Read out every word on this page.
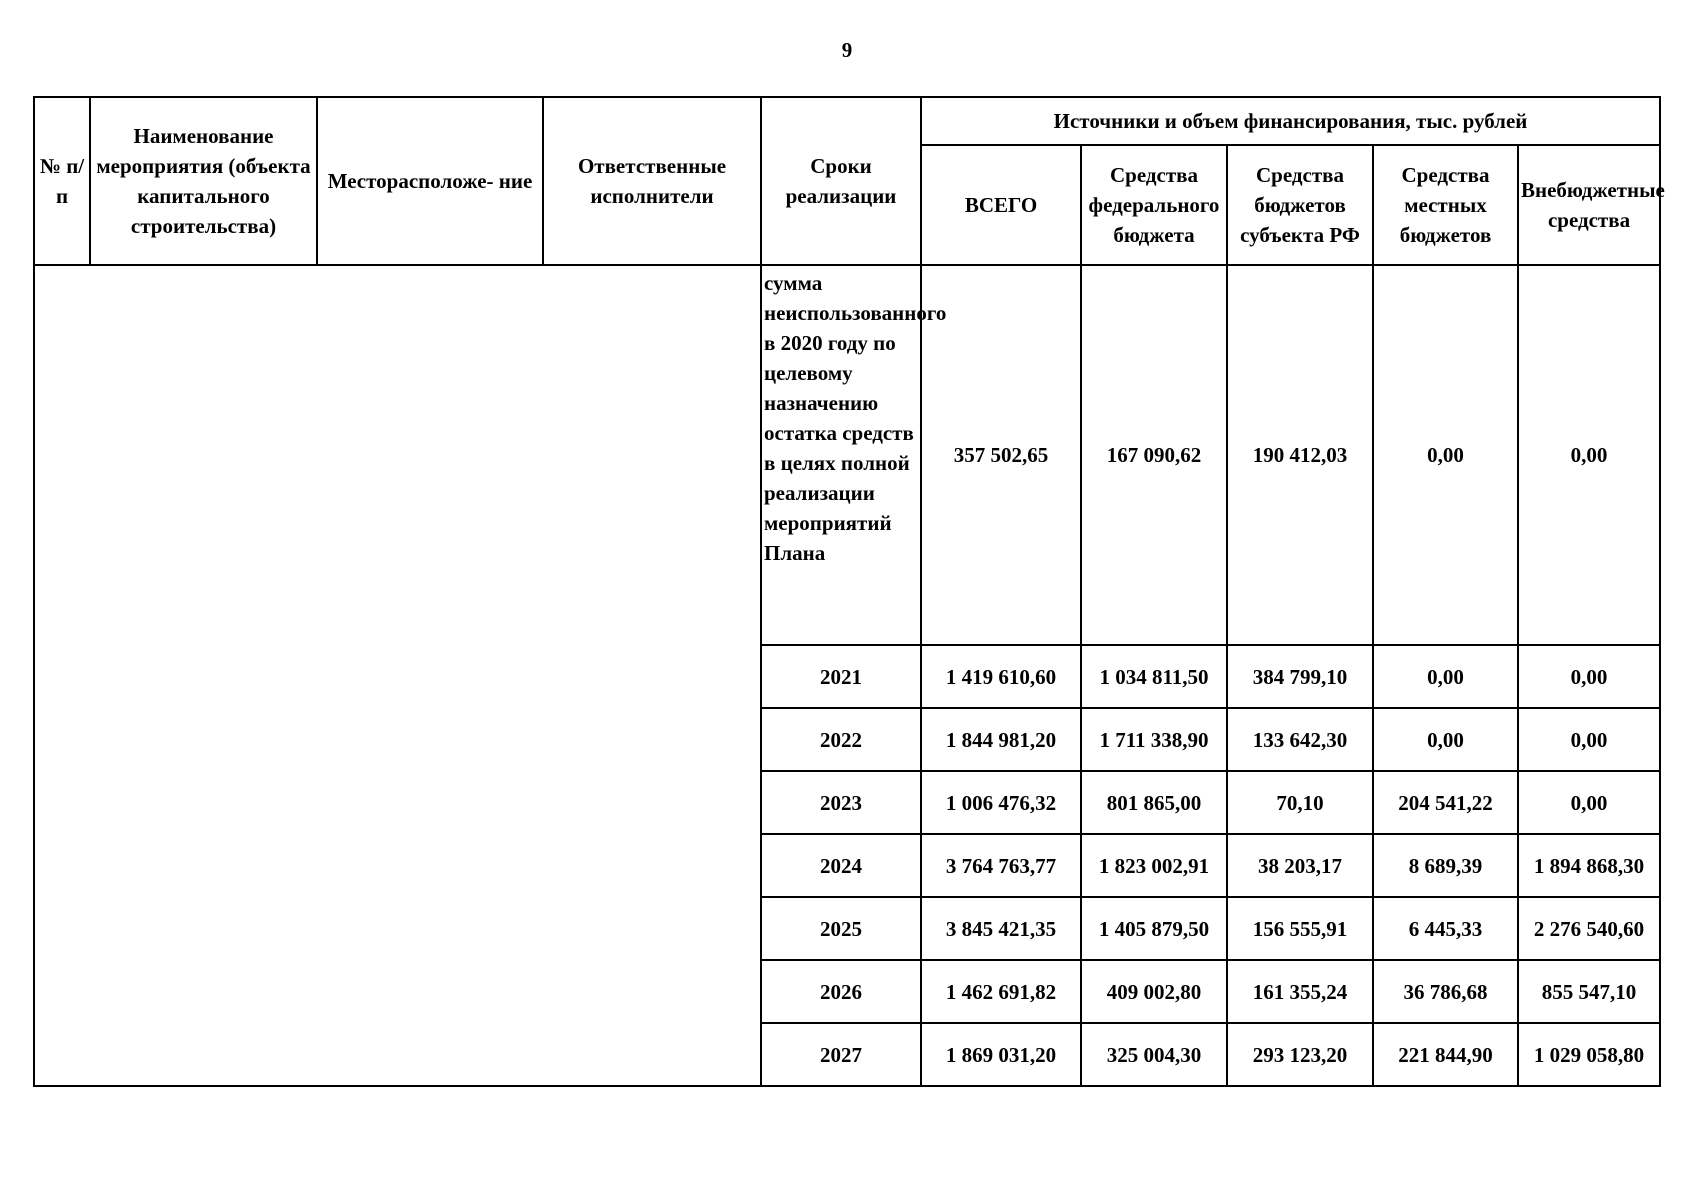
9
№ п/п	Наименование мероприятия (объекта капитального строительства)	Месторасположе- ние	Ответственные исполнители	Сроки реализации	Источники и объем финансирования, тыс. рублей				
					ВСЕГО	Средства федерального бюджета	Средства бюджетов субъекта РФ	Средства местных бюджетов	Внебюджетные средства
				сумма неиспользованного в 2020 году по целевому назначению остатка средств в целях полной реализации мероприятий Плана	357 502,65	167 090,62	190 412,03	0,00	0,00
				2021	1 419 610,60	1 034 811,50	384 799,10	0,00	0,00
				2022	1 844 981,20	1 711 338,90	133 642,30	0,00	0,00
				2023	1 006 476,32	801 865,00	70,10	204 541,22	0,00
				2024	3 764 763,77	1 823 002,91	38 203,17	8 689,39	1 894 868,30
				2025	3 845 421,35	1 405 879,50	156 555,91	6 445,33	2 276 540,60
				2026	1 462 691,82	409 002,80	161 355,24	36 786,68	855 547,10
				2027	1 869 031,20	325 004,30	293 123,20	221 844,90	1 029 058,80
